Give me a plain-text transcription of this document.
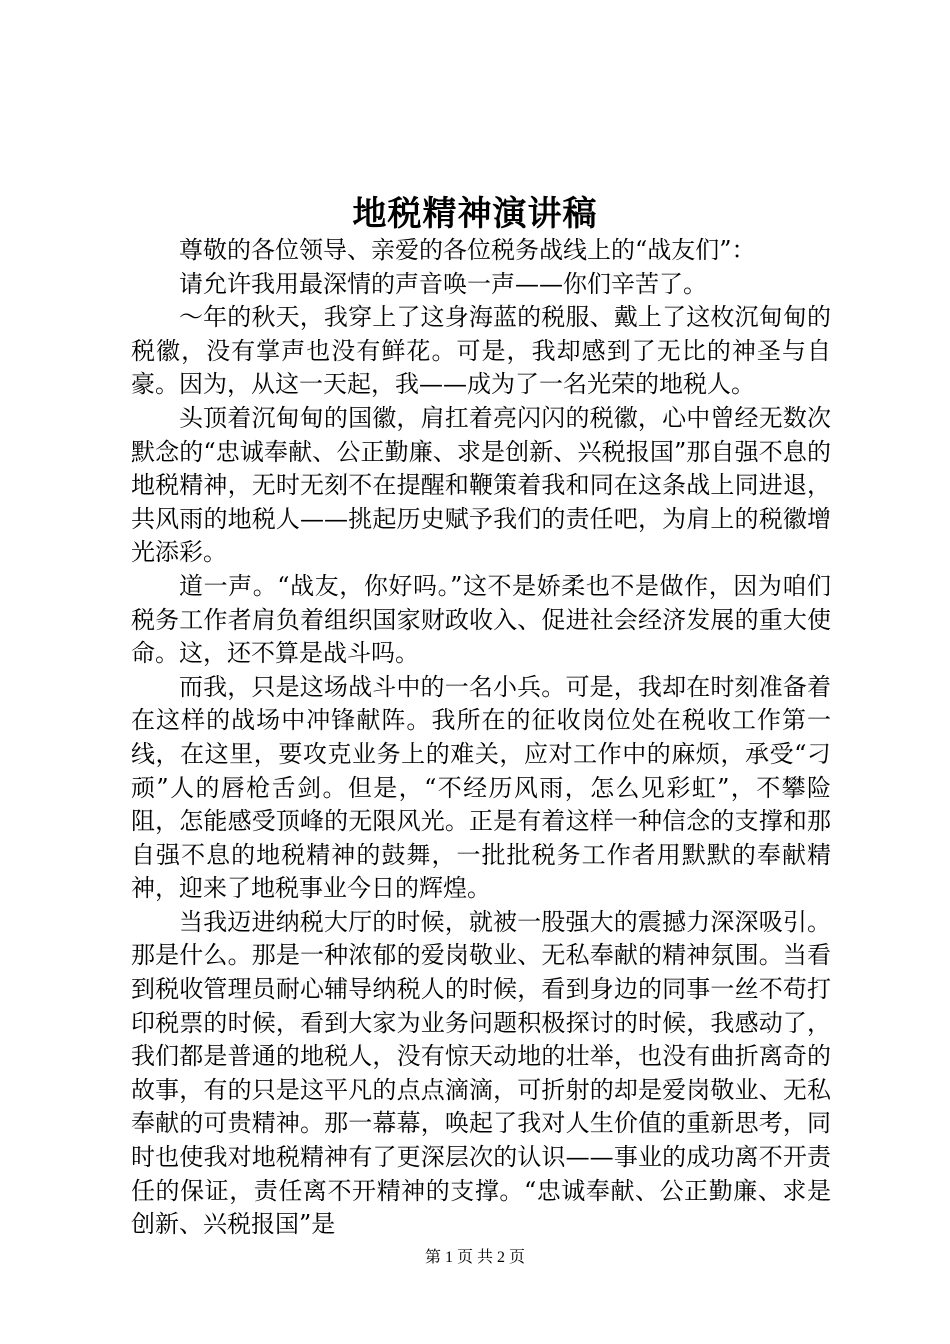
地税精神演讲稿

尊敬的各位领导、亲爱的各位税务战线上的“战友们”：

请允许我用最深情的声音唤一声——你们辛苦了。

～年的秋天，我穿上了这身海蓝的税服、戴上了这枚沉甸甸的税徽，没有掌声也没有鲜花。可是，我却感到了无比的神圣与自豪。因为，从这一天起，我——成为了一名光荣的地税人。

头顶着沉甸甸的国徽，肩扛着亮闪闪的税徽，心中曾经无数次默念的“忠诚奉献、公正勤廉、求是创新、兴税报国”那自强不息的地税精神，无时无刻不在提醒和鞭策着我和同在这条战上同进退，共风雨的地税人——挑起历史赋予我们的责任吧，为肩上的税徽增光添彩。

道一声。“战友，你好吗。”这不是娇柔也不是做作，因为咱们税务工作者肩负着组织国家财政收入、促进社会经济发展的重大使命。这，还不算是战斗吗。

而我，只是这场战斗中的一名小兵。可是，我却在时刻准备着在这样的战场中冲锋献阵。我所在的征收岗位处在税收工作第一线，在这里，要攻克业务上的难关，应对工作中的麻烦，承受“刁顽”人的唇枪舌剑。但是，“不经历风雨，怎么见彩虹”，不攀险阻，怎能感受顶峰的无限风光。正是有着这样一种信念的支撑和那自强不息的地税精神的鼓舞，一批批税务工作者用默默的奉献精神，迎来了地税事业今日的辉煌。

当我迈进纳税大厅的时候，就被一股强大的震撼力深深吸引。那是什么。那是一种浓郁的爱岗敬业、无私奉献的精神氛围。当看到税收管理员耐心辅导纳税人的时候，看到身边的同事一丝不苟打印税票的时候，看到大家为业务问题积极探讨的时候，我感动了，我们都是普通的地税人，没有惊天动地的壮举，也没有曲折离奇的故事，有的只是这平凡的点点滴滴，可折射的却是爱岗敬业、无私奉献的可贵精神。那一幕幕，唤起了我对人生价值的重新思考，同时也使我对地税精神有了更深层次的认识——事业的成功离不开责任的保证，责任离不开精神的支撑。“忠诚奉献、公正勤廉、求是创新、兴税报国”是

第 1 页 共 2 页
